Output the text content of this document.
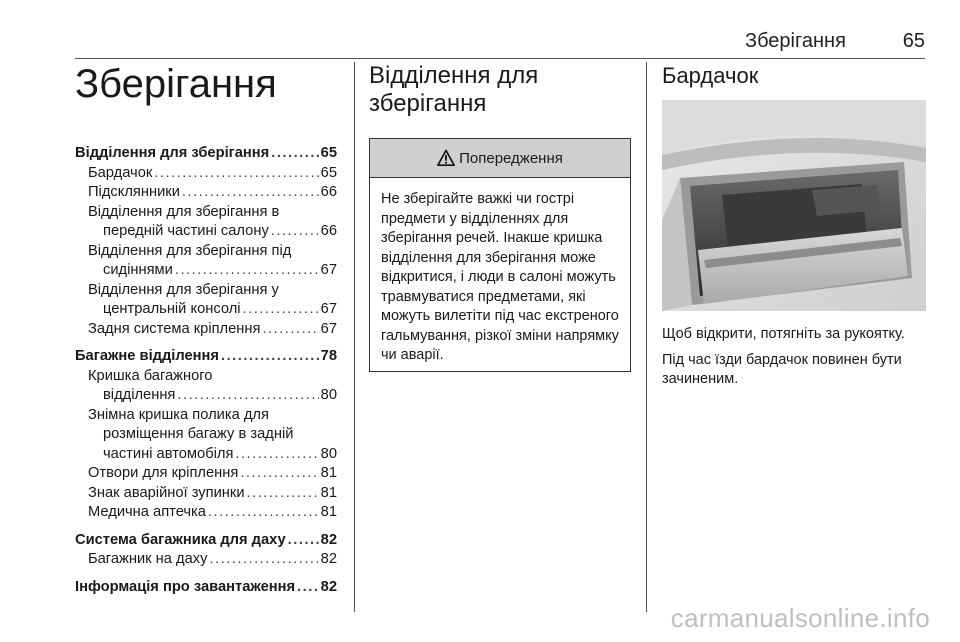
Зберігання	65
Зберігання
Відділення для зберігання .....	65
Бардачок .....	65
Підсклянники .....	66
Відділення для зберігання в
передній частині салону .....	66
Відділення для зберігання під
сидіннями .....	67
Відділення для зберігання у
центральній консолі .....	67
Задня система кріплення .....	67
Багажне відділення .....	78
Кришка багажного
відділення .....	80
Знімна кришка полика для
розміщення багажу в задній
частині автомобіля .....	80
Отвори для кріплення .....	81
Знак аварійної зупинки .....	81
Медична аптечка .....	81
Система багажника для даху ..... 82
Багажник на даху .....	82
Інформація про завантаження ..... 82
Відділення для
зберігання
Попередження
Не зберігайте важкі чи гострі предмети у відділеннях для зберігання речей. Інакше кришка відділення для зберігання може відкритися, і люди в салоні можуть травмуватися предметами, які можуть вилетіти під час екстреного гальмування, різкої зміни напрямку чи аварії.
Бардачок

Щоб відкрити, потягніть за рукоятку.

Під час їзди бардачок повинен бути зачиненим.

carmanualsonline.info
